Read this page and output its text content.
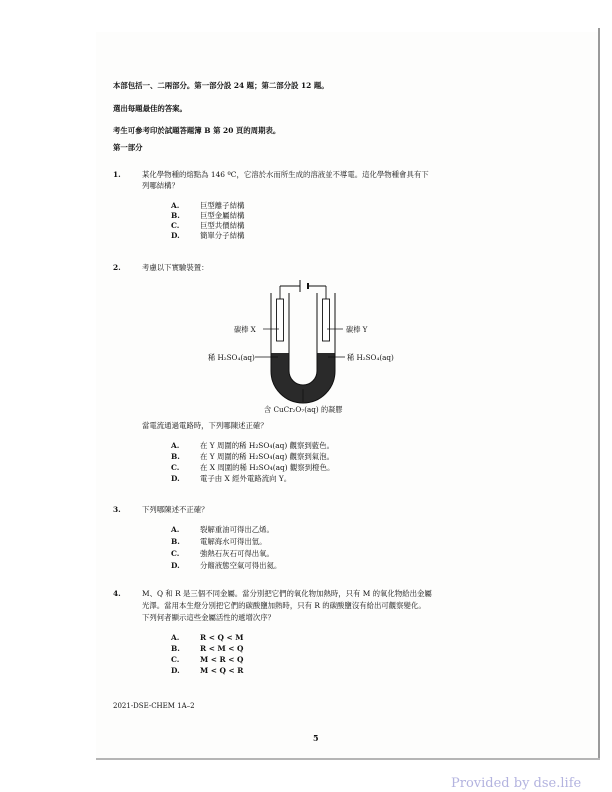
本部包括一、二兩部分。第一部分設 24 題；第二部分設 12 題。
選出每題最佳的答案。
考生可參考印於試題答題簿 B 第 20 頁的周期表。
第一部分
1.	某化學物種的熔點為 146 ºC，它溶於水而所生成的溶液並不導電。這化學物種會具有下
列哪結構？
A.	巨型離子結構
B.	巨型金屬結構
C.	巨型共價結構
D.	簡單分子結構
2.	考慮以下實驗裝置：
碳棒 X	碳棒 Y
稀 H₂SO₄(aq)	稀 H₂SO₄(aq)
含 CuCr₂O₇(aq) 的凝膠
當電流通過電路時，下列哪陳述正確？
A.	在 Y 周圍的稀 H₂SO₄(aq) 觀察到藍色。
B.	在 Y 周圍的稀 H₂SO₄(aq) 觀察到氣泡。
C.	在 X 周圍的稀 H₂SO₄(aq) 觀察到橙色。
D.	電子由 X 經外電路流向 Y。
3.	下列哪陳述不正確？
A.	裂解重油可得出乙烯。
B.	電解海水可得出氫。
C.	強熱石灰石可得出氧。
D.	分餾液態空氣可得出氦。
4.	M、Q 和 R 是三個不同金屬。當分別把它們的氧化物加熱時，只有 M 的氧化物給出金屬
光澤。當用本生燈分別把它們的碳酸鹽加熱時，只有 R 的碳酸鹽沒有給出可觀察變化。
下列何者顯示這些金屬活性的遞增次序？
A.	R < Q < M
B.	R < M < Q
C.	M < R < Q
D.	M < Q < R
2021-DSE-CHEM 1A–2
5
Provided by dse.life
